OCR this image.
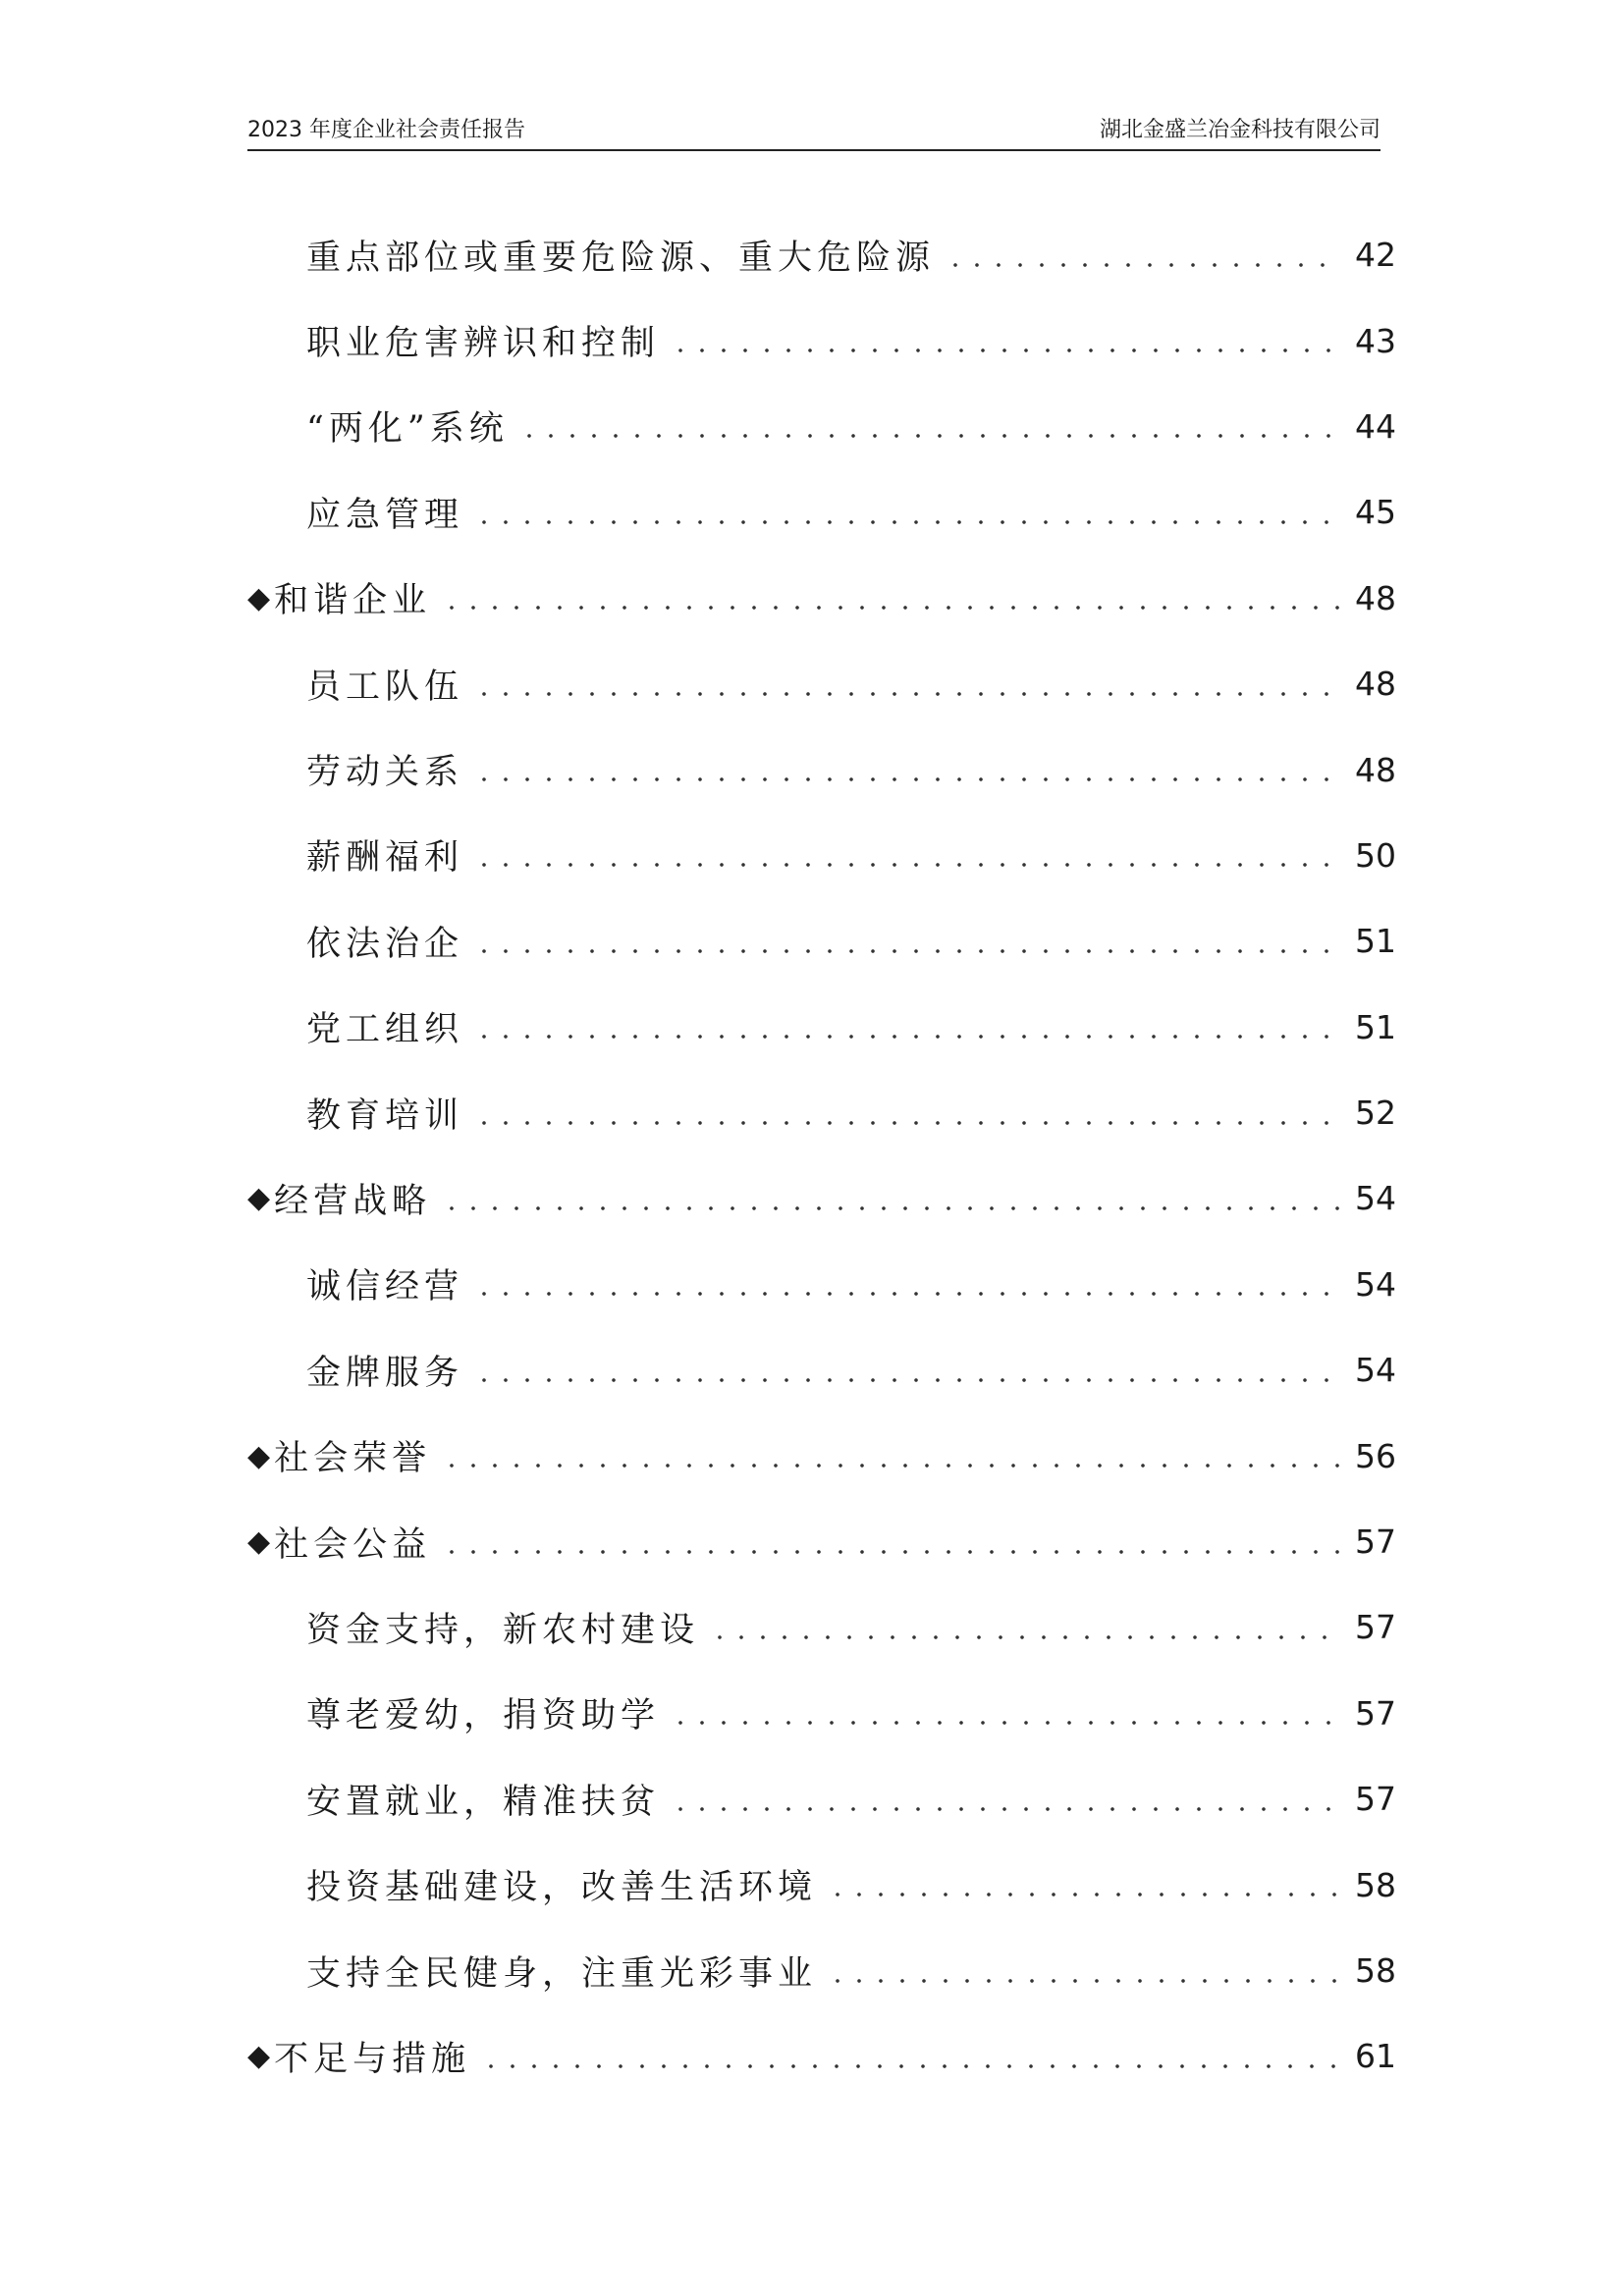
2023 年度企业社会责任报告	湖北金盛兰冶金科技有限公司
重点部位或重要危险源、重大危险源	42
职业危害辨识和控制	43
“两化”系统	44
应急管理	45
◆ 和谐企业	48
员工队伍	48
劳动关系	48
薪酬福利	50
依法治企	51
党工组织	51
教育培训	52
◆ 经营战略	54
诚信经营	54
金牌服务	54
◆ 社会荣誉	56
◆ 社会公益	57
资金支持，新农村建设	57
尊老爱幼，捐资助学	57
安置就业，精准扶贫	57
投资基础建设，改善生活环境	58
支持全民健身，注重光彩事业	58
◆ 不足与措施	61
